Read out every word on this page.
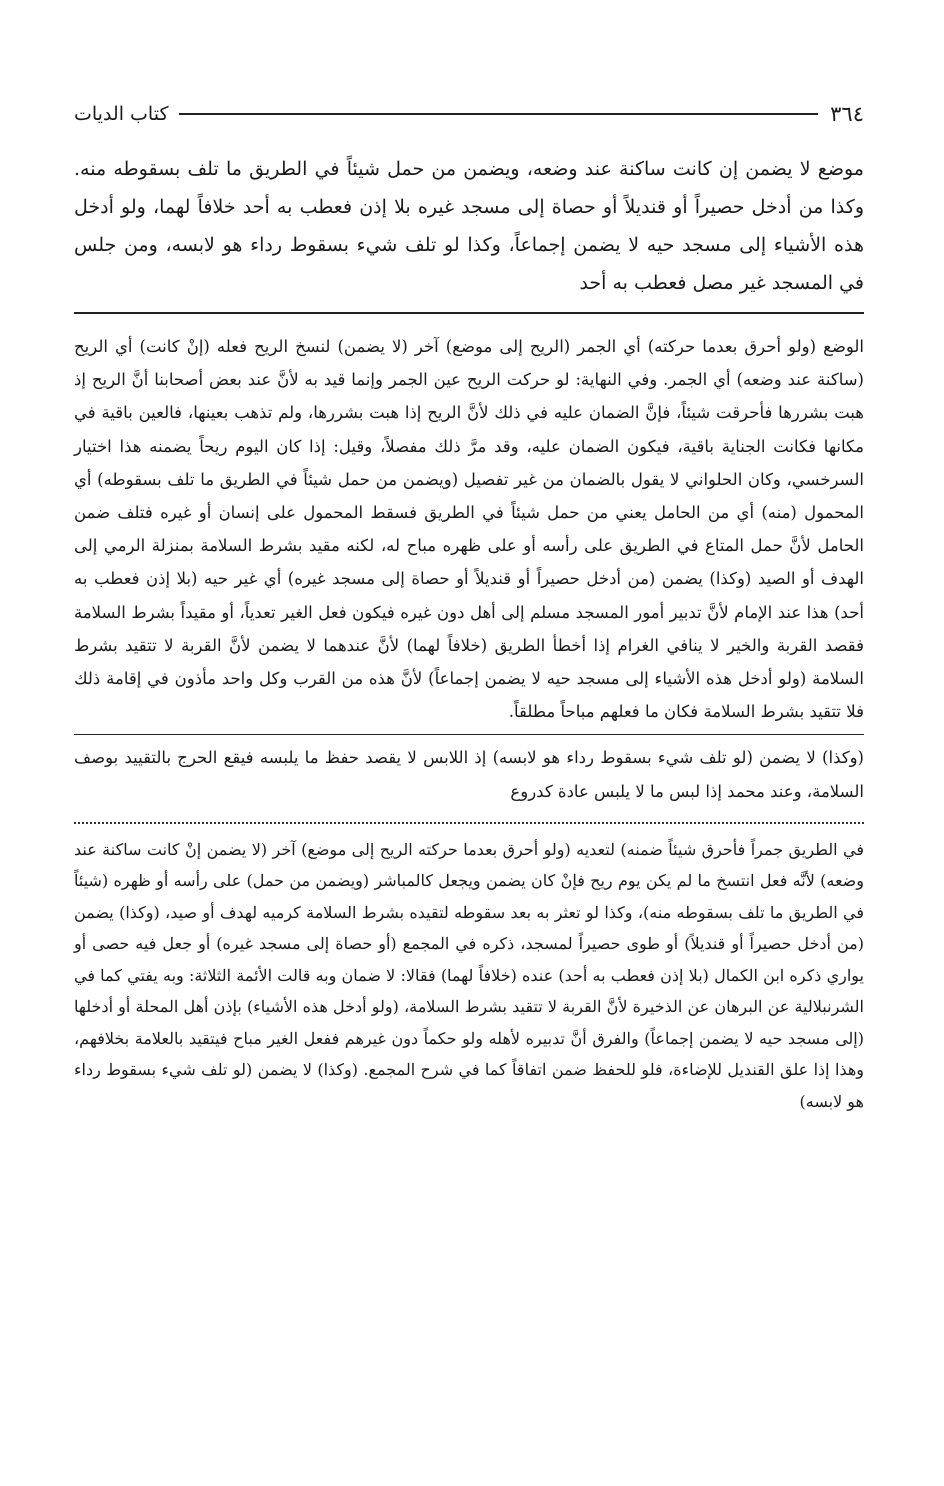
٣٦٤
كتاب الديات

موضع لا يضمن إن كانت ساكنة عند وضعه، ويضمن من حمل شيئاً في الطريق ما تلف بسقوطه منه. وكذا من أدخل حصيراً أو قنديلاً أو حصاة إلى مسجد غيره بلا إذن فعطب به أحد خلافاً لهما، ولو أدخل هذه الأشياء إلى مسجد حيه لا يضمن إجماعاً، وكذا لو تلف شيء بسقوط رداء هو لابسه، ومن جلس في المسجد غير مصل فعطب به أحد

الوضع (ولو أحرق بعدما حركته) أي الجمر (الريح إلى موضع) آخر (لا يضمن) لنسخ الريح فعله (إنْ كانت) أي الريح (ساكنة عند وضعه) أي الجمر. وفي النهاية: لو حركت الريح عين الجمر وإنما قيد به لأنَّ عند بعض أصحابنا أنَّ الريح إذ هبت بشررها فأحرقت شيئاً، فإنَّ الضمان عليه في ذلك لأنَّ الريح إذا هبت بشررها، ولم تذهب بعينها، فالعين باقية في مكانها فكانت الجناية باقية، فيكون الضمان عليه، وقد مرَّ ذلك مفصلاً، وقيل: إذا كان اليوم ريحاً يضمنه هذا اختيار السرخسي، وكان الحلواني لا يقول بالضمان من غير تفصيل (ويضمن من حمل شيئاً في الطريق ما تلف بسقوطه) أي المحمول (منه) أي من الحامل يعني من حمل شيئاً في الطريق فسقط المحمول على إنسان أو غيره فتلف ضمن الحامل لأنَّ حمل المتاع في الطريق على رأسه أو على ظهره مباح له، لكنه مقيد بشرط السلامة بمنزلة الرمي إلى الهدف أو الصيد (وكذا) يضمن (من أدخل حصيراً أو قنديلاً أو حصاة إلى مسجد غيره) أي غير حيه (بلا إذن فعطب به أحد) هذا عند الإمام لأنَّ تدبير أمور المسجد مسلم إلى أهل دون غيره فيكون فعل الغير تعدياً، أو مقيداً بشرط السلامة فقصد القربة والخير لا ينافي الغرام إذا أخطأ الطريق (خلافاً لهما) لأنَّ عندهما لا يضمن لأنَّ القربة لا تتقيد بشرط السلامة (ولو أدخل هذه الأشياء إلى مسجد حيه لا يضمن إجماعاً) لأنَّ هذه من القرب وكل واحد مأذون في إقامة ذلك فلا تتقيد بشرط السلامة فكان ما فعلهم مباحاً مطلقاً.

(وكذا) لا يضمن (لو تلف شيء بسقوط رداء هو لابسه) إذ اللابس لا يقصد حفظ ما يلبسه فيقع الحرج بالتقييد بوصف السلامة، وعند محمد إذا لبس ما لا يلبس عادة كدروع

في الطريق جمراً فأحرق شيئاً ضمنه) لتعديه (ولو أحرق بعدما حركته الريح إلى موضع) آخر (لا يضمن إنْ كانت ساكنة عند وضعه) لأنَّه فعل انتسخ ما لم يكن يوم ريح فإنْ كان يضمن ويجعل كالمباشر (ويضمن من حمل) على رأسه أو ظهره (شيئاً في الطريق ما تلف بسقوطه منه)، وكذا لو تعثر به بعد سقوطه لتقيده بشرط السلامة كرميه لهدف أو صيد، (وكذا) يضمن (من أدخل حصيراً أو قنديلاً) أو طوى حصيراً لمسجد، ذكره في المجمع (أو حصاة إلى مسجد غيره) أو جعل فيه حصى أو يواري ذكره ابن الكمال (بلا إذن فعطب به أحد) عنده (خلافاً لهما) فقالا: لا ضمان وبه قالت الأئمة الثلاثة: وبه يفتي كما في الشرنبلالية عن البرهان عن الذخيرة لأنَّ القربة لا تتقيد بشرط السلامة، (ولو أدخل هذه الأشياء) بإذن أهل المحلة أو أدخلها (إلى مسجد حيه لا يضمن إجماعاً) والفرق أنَّ تدبيره لأهله ولو حكماً دون غيرهم ففعل الغير مباح فيتقيد بالعلامة بخلافهم، وهذا إذا علق القنديل للإضاءة، فلو للحفظ ضمن اتفاقاً كما في شرح المجمع. (وكذا) لا يضمن (لو تلف شيء بسقوط رداء هو لابسه)
